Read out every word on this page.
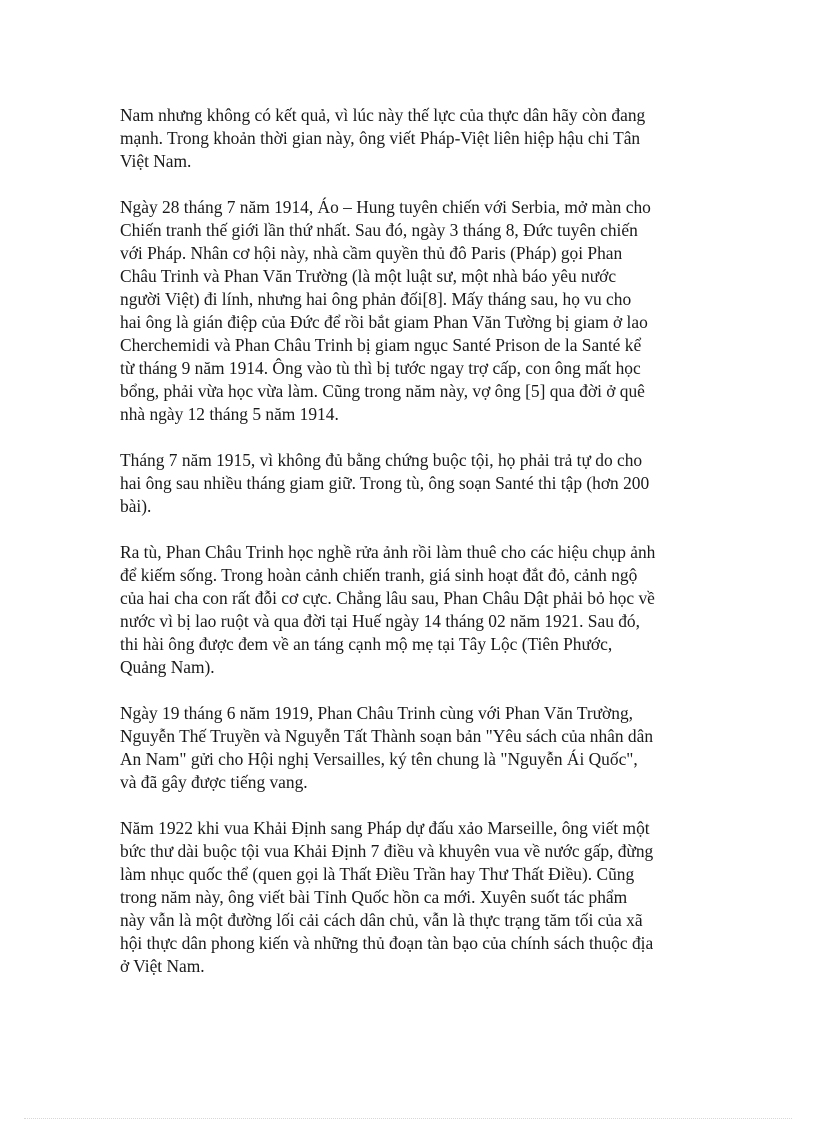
Nam nhưng không có kết quả, vì lúc này thế lực của thực dân hãy còn đang
mạnh. Trong khoản thời gian này, ông viết Pháp-Việt liên hiệp hậu chi Tân
Việt Nam.

Ngày 28 tháng 7 năm 1914, Áo – Hung tuyên chiến với Serbia, mở màn cho
Chiến tranh thế giới lần thứ nhất. Sau đó, ngày 3 tháng 8, Đức tuyên chiến
với Pháp. Nhân cơ hội này, nhà cầm quyền thủ đô Paris (Pháp) gọi Phan
Châu Trinh và Phan Văn Trường (là một luật sư, một nhà báo yêu nước
người Việt) đi lính, nhưng hai ông phản đối[8]. Mấy tháng sau, họ vu cho
hai ông là gián điệp của Đức để rồi bắt giam Phan Văn Tường bị giam ở lao
Cherchemidi và Phan Châu Trinh bị giam ngục Santé Prison de la Santé kể
từ tháng 9 năm 1914. Ông vào tù thì bị tước ngay trợ cấp, con ông mất học
bổng, phải vừa học vừa làm. Cũng trong năm này, vợ ông [5] qua đời ở quê
nhà ngày 12 tháng 5 năm 1914.

Tháng 7 năm 1915, vì không đủ bằng chứng buộc tội, họ phải trả tự do cho
hai ông sau nhiều tháng giam giữ. Trong tù, ông soạn Santé thi tập (hơn 200
bài).

Ra tù, Phan Châu Trinh học nghề rửa ảnh rồi làm thuê cho các hiệu chụp ảnh
để kiếm sống. Trong hoàn cảnh chiến tranh, giá sinh hoạt đắt đỏ, cảnh ngộ
của hai cha con rất đỗi cơ cực. Chẳng lâu sau, Phan Châu Dật phải bỏ học về
nước vì bị lao ruột và qua đời tại Huế ngày 14 tháng 02 năm 1921. Sau đó,
thi hài ông được đem về an táng cạnh mộ mẹ tại Tây Lộc (Tiên Phước,
Quảng Nam).

Ngày 19 tháng 6 năm 1919, Phan Châu Trinh cùng với Phan Văn Trường,
Nguyễn Thế Truyền và Nguyễn Tất Thành soạn bản "Yêu sách của nhân dân
An Nam" gửi cho Hội nghị Versailles, ký tên chung là "Nguyễn Ái Quốc",
và đã gây được tiếng vang.

Năm 1922 khi vua Khải Định sang Pháp dự đấu xảo Marseille, ông viết một
bức thư dài buộc tội vua Khải Định 7 điều và khuyên vua về nước gấp, đừng
làm nhục quốc thể (quen gọi là Thất Điều Trần hay Thư Thất Điều). Cũng
trong năm này, ông viết bài Tỉnh Quốc hồn ca mới. Xuyên suốt tác phẩm
này vẫn là một đường lối cải cách dân chủ, vẫn là thực trạng tăm tối của xã
hội thực dân phong kiến và những thủ đoạn tàn bạo của chính sách thuộc địa
ở Việt Nam.
